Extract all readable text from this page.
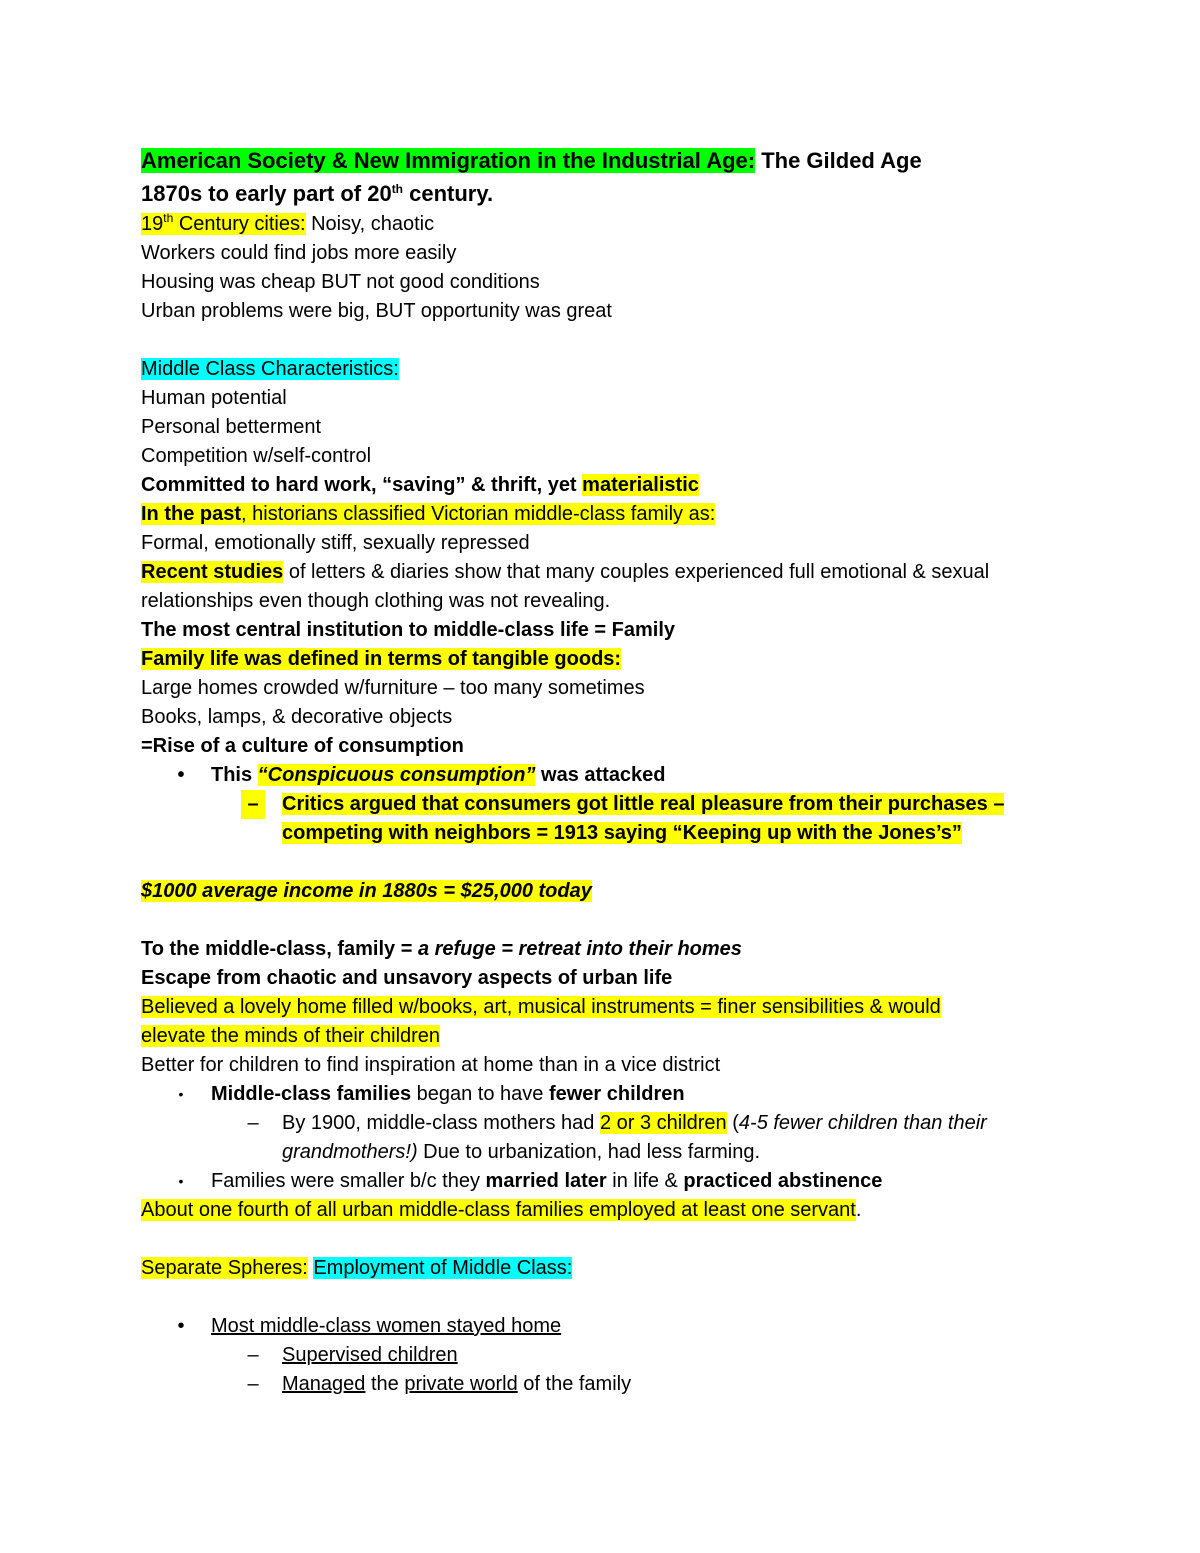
American Society & New Immigration in the Industrial Age: The Gilded Age
1870s to early part of 20th century.
19th Century cities: Noisy, chaotic
Workers could find jobs more easily
Housing was cheap BUT not good conditions
Urban problems were big, BUT opportunity was great
Middle Class Characteristics:
Human potential
Personal betterment
Competition w/self-control
Committed to hard work, “saving” & thrift, yet materialistic
In the past, historians classified Victorian middle-class family as:
Formal, emotionally stiff, sexually repressed
Recent studies of letters & diaries show that many couples experienced full emotional & sexual
relationships even though clothing was not revealing.
The most central institution to middle-class life = Family
Family life was defined in terms of tangible goods:
Large homes crowded w/furniture – too many sometimes
Books, lamps, & decorative objects
=Rise of a culture of consumption
•	This “Conspicuous consumption” was attacked
–	Critics argued that consumers got little real pleasure from their purchases –
competing with neighbors = 1913 saying “Keeping up with the Jones’s”
$1000 average income in 1880s = $25,000 today
To the middle-class, family = a refuge = retreat into their homes
Escape from chaotic and unsavory aspects of urban life
Believed a lovely home filled w/books, art, musical instruments = finer sensibilities & would
elevate the minds of their children
Better for children to find inspiration at home than in a vice district
•	Middle-class families began to have fewer children
–	By 1900, middle-class mothers had 2 or 3 children (4-5 fewer children than their
grandmothers!) Due to urbanization, had less farming.
•	Families were smaller b/c they married later in life & practiced abstinence
About one fourth of all urban middle-class families employed at least one servant.
Separate Spheres: Employment of Middle Class:
•	Most middle-class women stayed home
–	Supervised children
–	Managed the private world of the family
